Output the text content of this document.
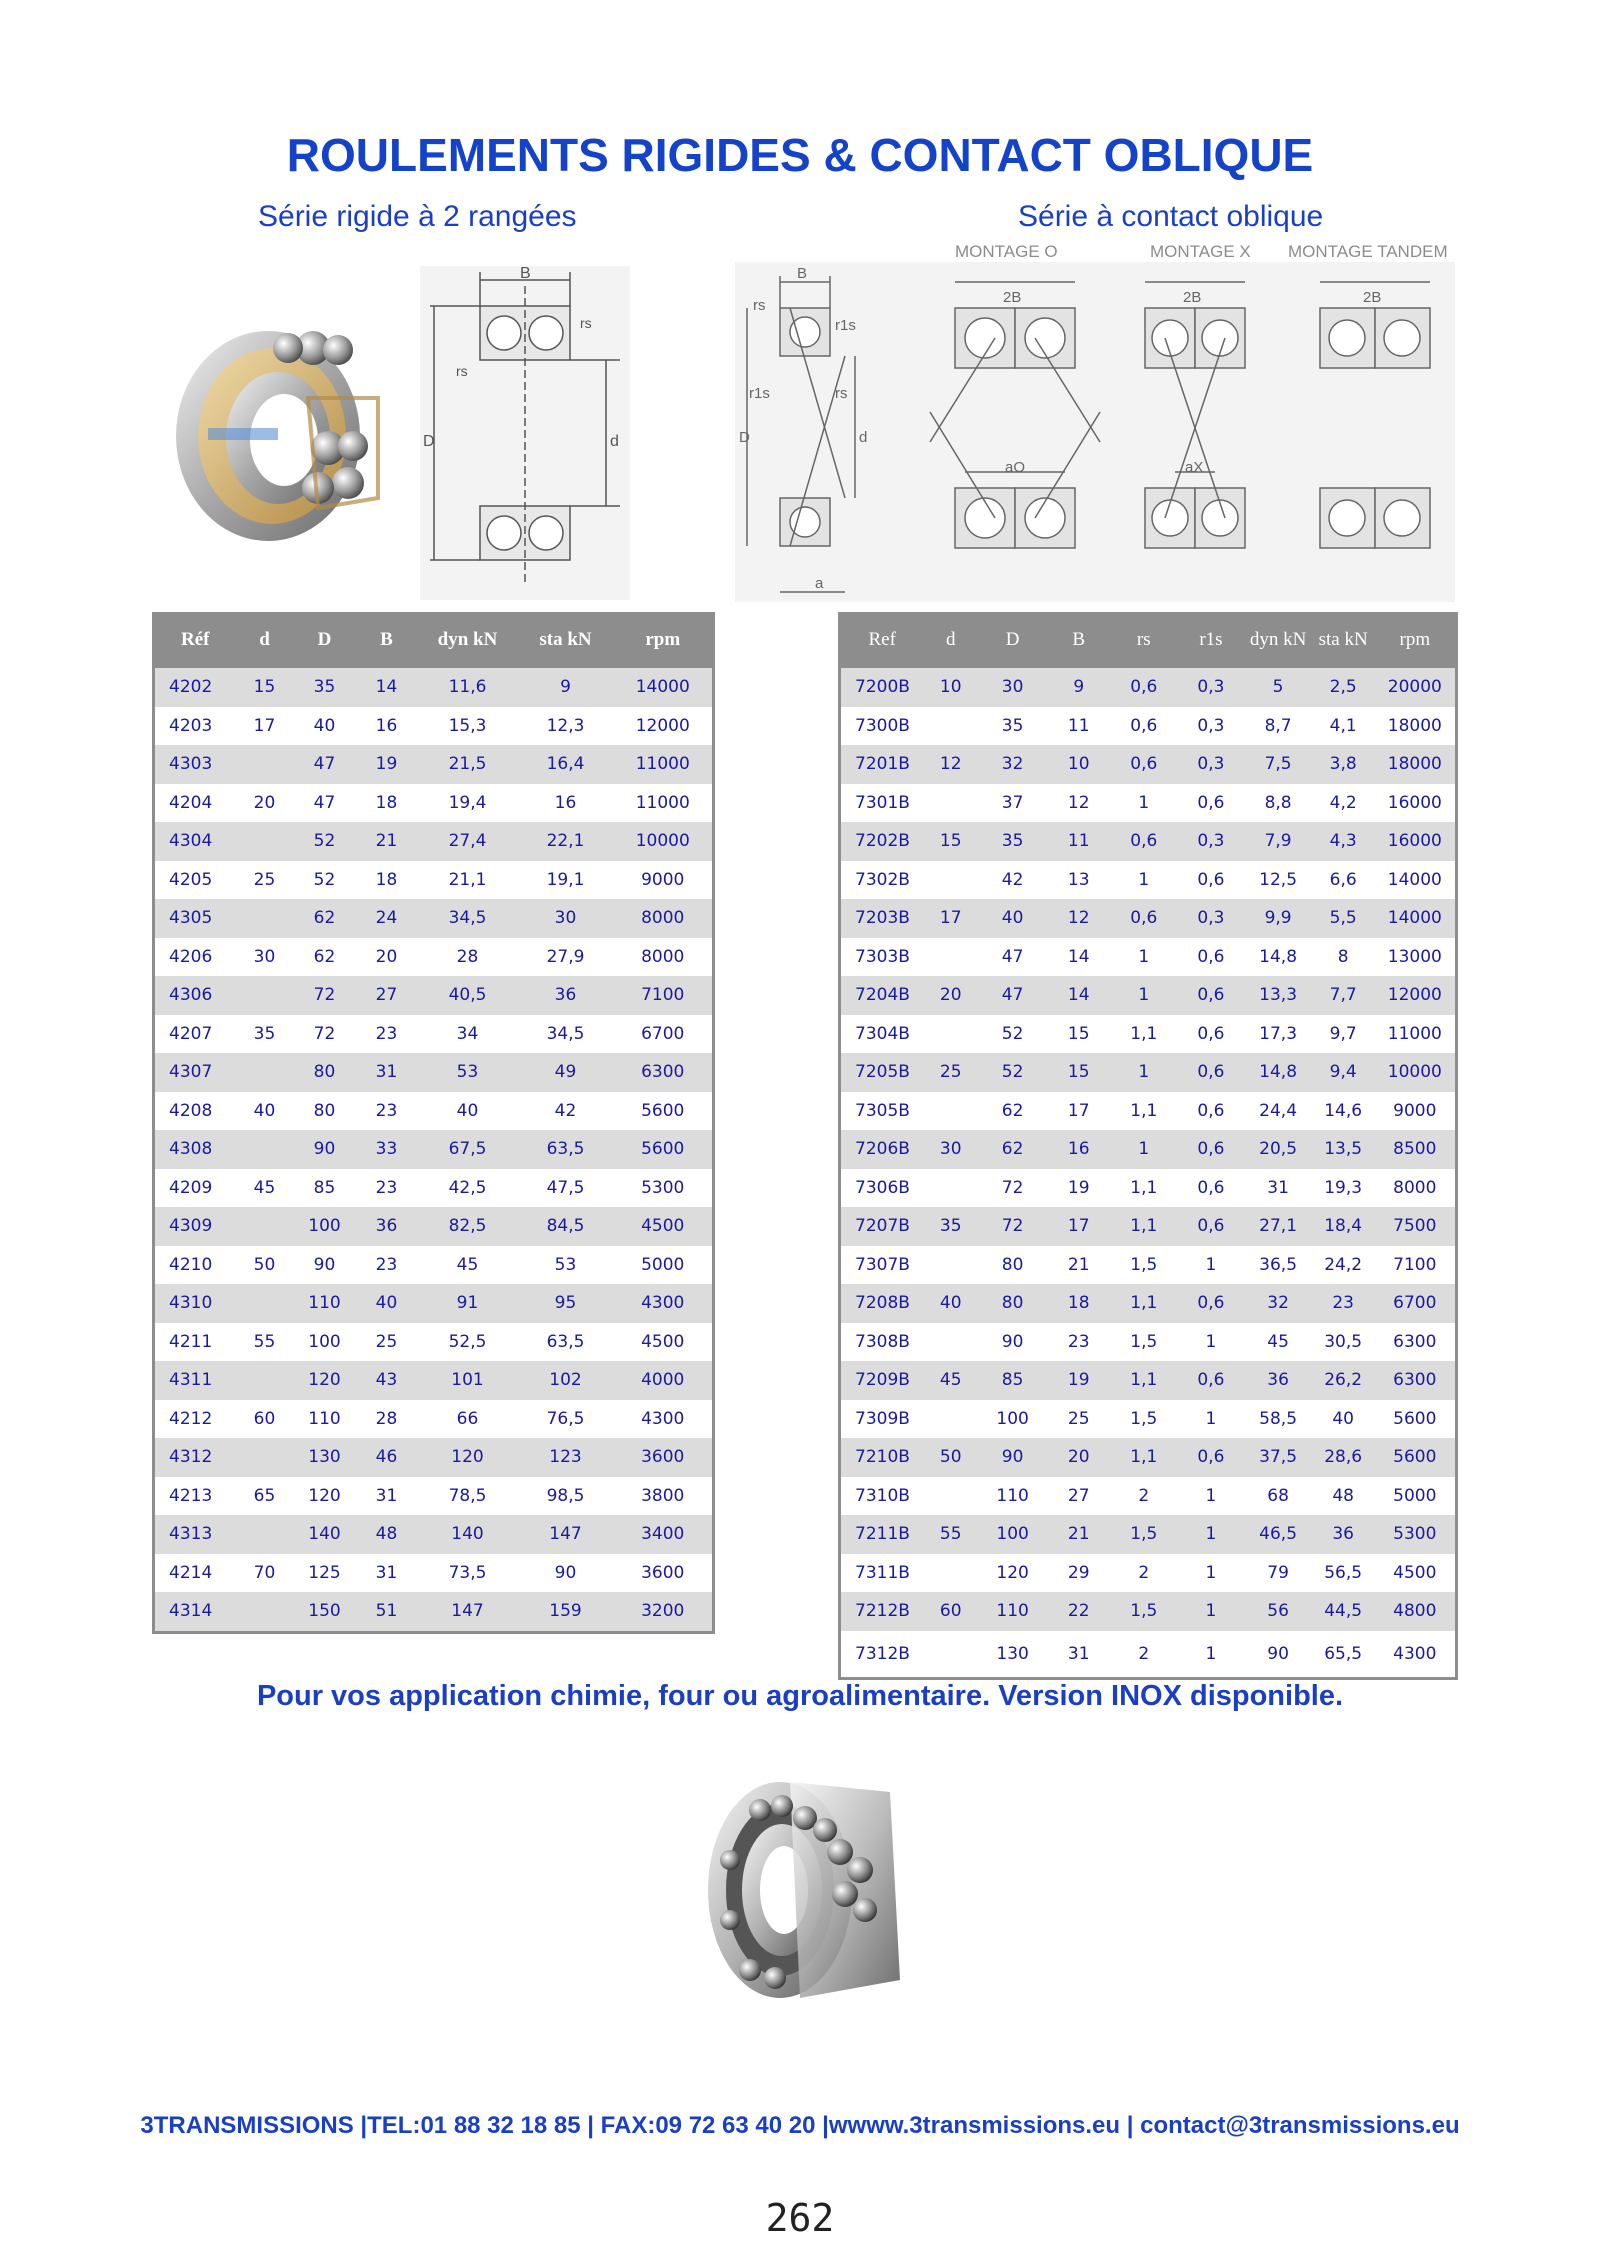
ROULEMENTS RIGIDES & CONTACT OBLIQUE
Série rigide à 2 rangées	Série à contact oblique
MONTAGE O	MONTAGE X MONTAGE TANDEM
B
rs
rs
D	d
B
rs
r1s
r1s	rs
D	d
a
2B	2B	2B
aO	aX
Réf	d	D	B	dyn kN	sta kN	rpm
4202	15	35	14	11,6	9	14000
4203	17	40	16	15,3	12,3	12000
4303		47	19	21,5	16,4	11000
4204	20	47	18	19,4	16	11000
4304		52	21	27,4	22,1	10000
4205	25	52	18	21,1	19,1	9000
4305		62	24	34,5	30	8000
4206	30	62	20	28	27,9	8000
4306		72	27	40,5	36	7100
4207	35	72	23	34	34,5	6700
4307		80	31	53	49	6300
4208	40	80	23	40	42	5600
4308		90	33	67,5	63,5	5600
4209	45	85	23	42,5	47,5	5300
4309		100	36	82,5	84,5	4500
4210	50	90	23	45	53	5000
4310		110	40	91	95	4300
4211	55	100	25	52,5	63,5	4500
4311		120	43	101	102	4000
4212	60	110	28	66	76,5	4300
4312		130	46	120	123	3600
4213	65	120	31	78,5	98,5	3800
4313		140	48	140	147	3400
4214	70	125	31	73,5	90	3600
4314		150	51	147	159	3200
Ref	d	D	B	rs	r1s	dyn kN	sta kN	rpm
7200B	10	30	9	0,6	0,3	5	2,5	20000
7300B		35	11	0,6	0,3	8,7	4,1	18000
7201B	12	32	10	0,6	0,3	7,5	3,8	18000
7301B		37	12	1	0,6	8,8	4,2	16000
7202B	15	35	11	0,6	0,3	7,9	4,3	16000
7302B		42	13	1	0,6	12,5	6,6	14000
7203B	17	40	12	0,6	0,3	9,9	5,5	14000
7303B		47	14	1	0,6	14,8	8	13000
7204B	20	47	14	1	0,6	13,3	7,7	12000
7304B		52	15	1,1	0,6	17,3	9,7	11000
7205B	25	52	15	1	0,6	14,8	9,4	10000
7305B		62	17	1,1	0,6	24,4	14,6	9000
7206B	30	62	16	1	0,6	20,5	13,5	8500
7306B		72	19	1,1	0,6	31	19,3	8000
7207B	35	72	17	1,1	0,6	27,1	18,4	7500
7307B		80	21	1,5	1	36,5	24,2	7100
7208B	40	80	18	1,1	0,6	32	23	6700
7308B		90	23	1,5	1	45	30,5	6300
7209B	45	85	19	1,1	0,6	36	26,2	6300
7309B		100	25	1,5	1	58,5	40	5600
7210B	50	90	20	1,1	0,6	37,5	28,6	5600
7310B		110	27	2	1	68	48	5000
7211B	55	100	21	1,5	1	46,5	36	5300
7311B		120	29	2	1	79	56,5	4500
7212B	60	110	22	1,5	1	56	44,5	4800
7312B		130	31	2	1	90	65,5	4300
Pour vos application chimie, four ou agroalimentaire. Version INOX disponible.
3TRANSMISSIONS |TEL:01 88 32 18 85 | FAX:09 72 63 40 20 |wwww.3transmissions.eu | contact@3transmissions.eu
262
